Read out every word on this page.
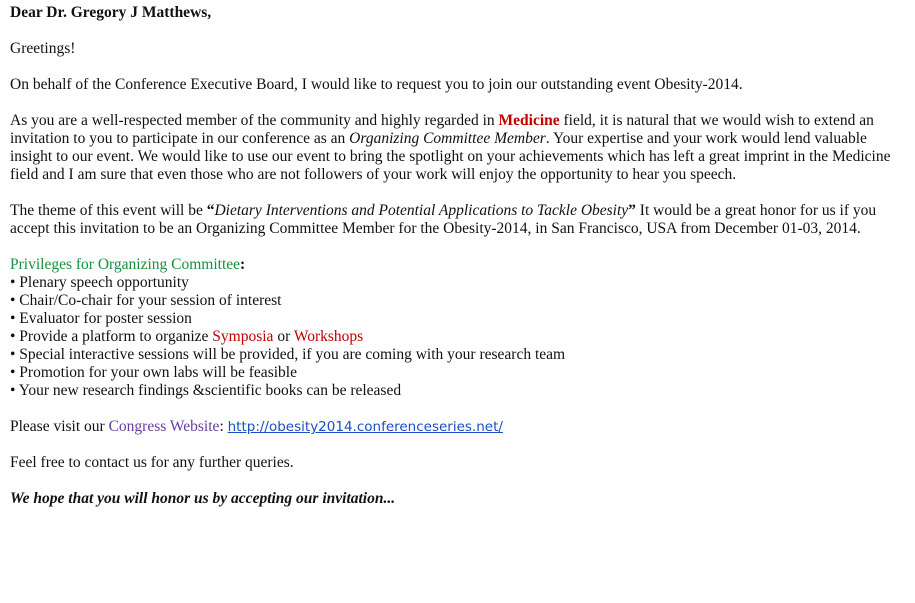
Dear Dr. Gregory J Matthews,

Greetings!

On behalf of the Conference Executive Board, I would like to request you to join our outstanding event Obesity-2014.

As you are a well-respected member of the community and highly regarded in Medicine field, it is natural that we would wish to extend an invitation to you to participate in our conference as an Organizing Committee Member. Your expertise and your work would lend valuable insight to our event. We would like to use our event to bring the spotlight on your achievements which has left a great imprint in the Medicine field and I am sure that even those who are not followers of your work will enjoy the opportunity to hear you speech.

The theme of this event will be “Dietary Interventions and Potential Applications to Tackle Obesity” It would be a great honor for us if you accept this invitation to be an Organizing Committee Member for the Obesity-2014, in San Francisco, USA from December 01-03, 2014.

Privileges for Organizing Committee:
• Plenary speech opportunity
• Chair/Co-chair for your session of interest
• Evaluator for poster session
• Provide a platform to organize Symposia or Workshops
• Special interactive sessions will be provided, if you are coming with your research team
• Promotion for your own labs will be feasible
• Your new research findings &scientific books can be released

Please visit our Congress Website: http://obesity2014.conferenceseries.net/

Feel free to contact us for any further queries.

We hope that you will honor us by accepting our invitation...
